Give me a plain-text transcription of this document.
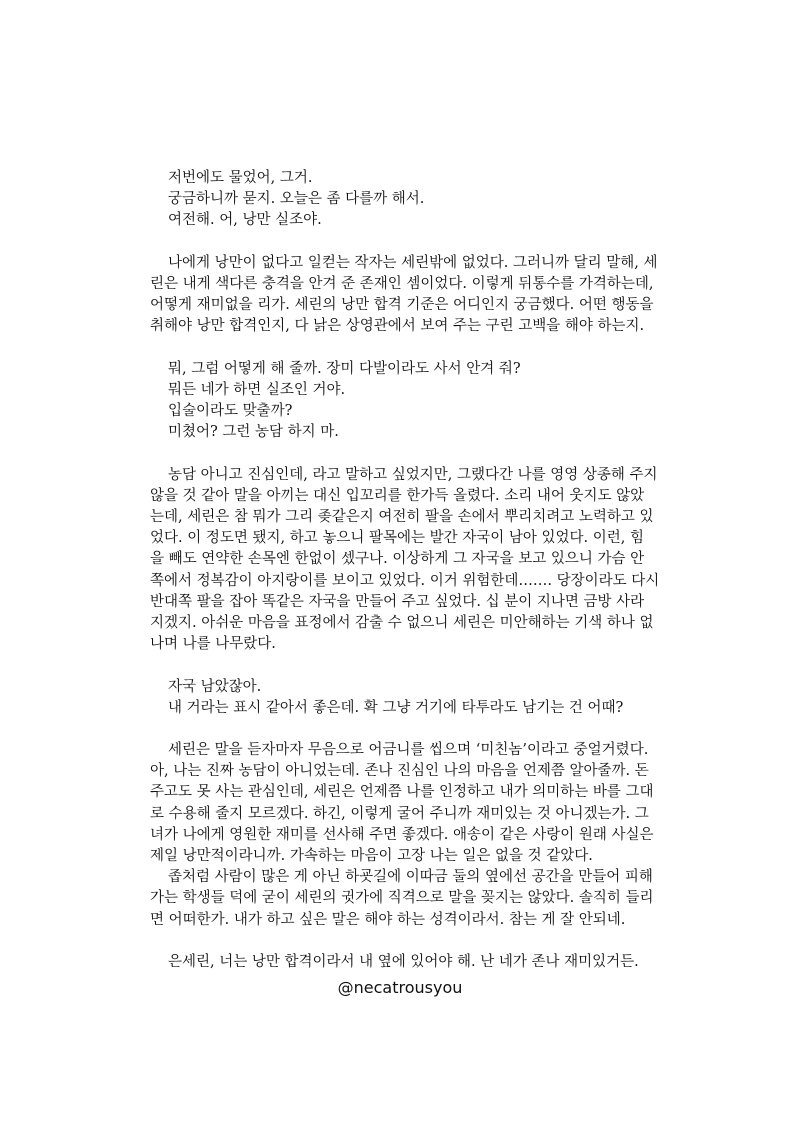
저번에도 물었어, 그거.
궁금하니까 묻지. 오늘은 좀 다를까 해서.
여전해. 어, 낭만 실조야.
나에게 낭만이 없다고 일컫는 작자는 세린밖에 없었다. 그러니까 달리 말해, 세
린은 내게 색다른 충격을 안겨 준 존재인 셈이었다. 이렇게 뒤통수를 가격하는데,
어떻게 재미없을 리가. 세린의 낭만 합격 기준은 어디인지 궁금했다. 어떤 행동을
취해야 낭만 합격인지, 다 낡은 상영관에서 보여 주는 구린 고백을 해야 하는지.
뭐, 그럼 어떻게 해 줄까. 장미 다발이라도 사서 안겨 줘?
뭐든 네가 하면 실조인 거야.
입술이라도 맞출까?
미쳤어? 그런 농담 하지 마.
농담 아니고 진심인데, 라고 말하고 싶었지만, 그랬다간 나를 영영 상종해 주지
않을 것 같아 말을 아끼는 대신 입꼬리를 한가득 올렸다. 소리 내어 웃지도 않았
는데, 세린은 참 뭐가 그리 좆같은지 여전히 팔을 손에서 뿌리치려고 노력하고 있
었다. 이 정도면 됐지, 하고 놓으니 팔목에는 발간 자국이 남아 있었다. 이런, 힘
을 빼도 연약한 손목엔 한없이 셌구나. 이상하게 그 자국을 보고 있으니 가슴 안
쪽에서 정복감이 아지랑이를 보이고 있었다. 이거 위험한데……. 당장이라도 다시
반대쪽 팔을 잡아 똑같은 자국을 만들어 주고 싶었다. 십 분이 지나면 금방 사라
지겠지. 아쉬운 마음을 표정에서 감출 수 없으니 세린은 미안해하는 기색 하나 없
나며 나를 나무랐다.
자국 남았잖아.
내 거라는 표시 같아서 좋은데. 확 그냥 거기에 타투라도 남기는 건 어때?
세린은 말을 듣자마자 무음으로 어금니를 씹으며 ‘미친놈’이라고 중얼거렸다.
아, 나는 진짜 농담이 아니었는데. 존나 진심인 나의 마음을 언제쯤 알아줄까. 돈
주고도 못 사는 관심인데, 세린은 언제쯤 나를 인정하고 내가 의미하는 바를 그대
로 수용해 줄지 모르겠다. 하긴, 이렇게 굴어 주니까 재미있는 것 아니겠는가. 그
녀가 나에게 영원한 재미를 선사해 주면 좋겠다. 애송이 같은 사랑이 원래 사실은
제일 낭만적이라니까. 가속하는 마음이 고장 나는 일은 없을 것 같았다.
좁처럼 사람이 많은 게 아닌 하굣길에 이따금 둘의 옆에선 공간을 만들어 피해
가는 학생들 덕에 굳이 세린의 귓가에 직격으로 말을 꽂지는 않았다. 솔직히 들리
면 어떠한가. 내가 하고 싶은 말은 해야 하는 성격이라서. 참는 게 잘 안되네.
은세린, 너는 낭만 합격이라서 내 옆에 있어야 해. 난 네가 존나 재미있거든.
@necatrousyou
